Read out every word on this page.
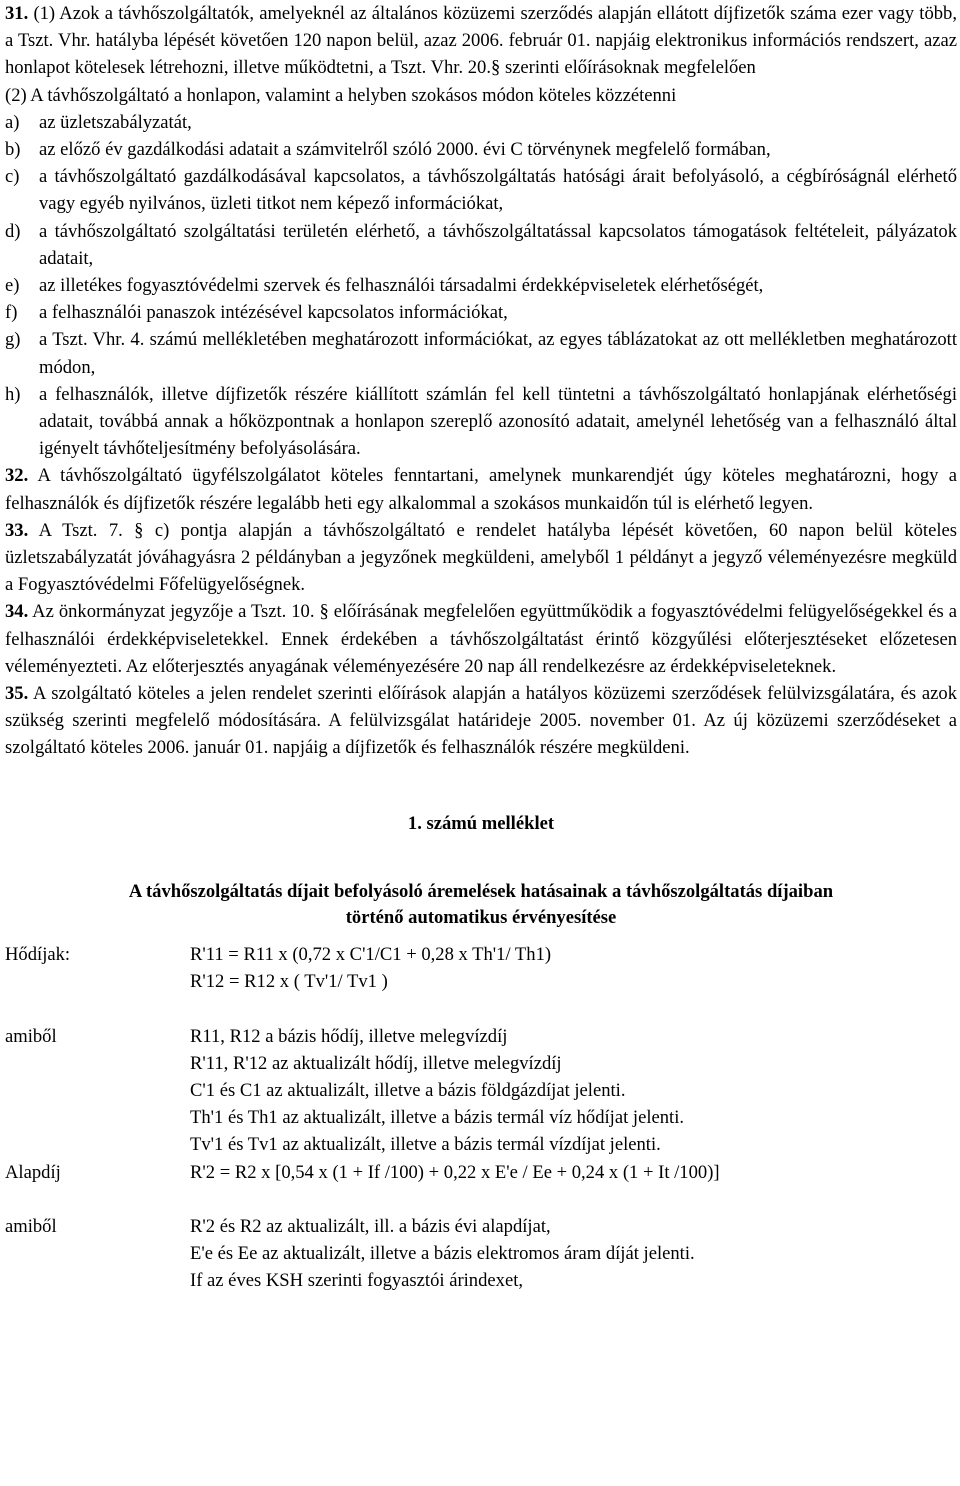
31. (1) Azok a távhőszolgáltatók, amelyeknél az általános közüzemi szerződés alapján ellátott díjfizetők száma ezer vagy több, a Tszt. Vhr. hatályba lépését követően 120 napon belül, azaz 2006. február 01. napjáig elektronikus információs rendszert, azaz honlapot kötelesek létrehozni, illetve működtetni, a Tszt. Vhr. 20.§ szerinti előírásoknak megfelelően

(2) A távhőszolgáltató a honlapon, valamint a helyben szokásos módon köteles közzétenni

a)	az üzletszabályzatát,
b) az előző év gazdálkodási adatait a számvitelről szóló 2000. évi C törvénynek megfelelő formában,
c)	a távhőszolgáltató gazdálkodásával kapcsolatos, a távhőszolgáltatás hatósági árait befolyásoló, a cégbíróságnál elérhető vagy egyéb nyilvános, üzleti titkot nem képező információkat,
d) a távhőszolgáltató szolgáltatási területén elérhető, a távhőszolgáltatással kapcsolatos támogatások feltételeit, pályázatok adatait,
e)	az illetékes fogyasztóvédelmi szervek és felhasználói társadalmi érdekképviseletek elérhetőségét,
f)	a felhasználói panaszok intézésével kapcsolatos információkat,
g) a Tszt. Vhr. 4. számú mellékletében meghatározott információkat, az egyes táblázatokat az ott mellékletben meghatározott módon,
h) a felhasználók, illetve díjfizetők részére kiállított számlán fel kell tüntetni a távhőszolgáltató honlapjának elérhetőségi adatait, továbbá annak a hőközpontnak a honlapon szereplő azonosító adatait, amelynél lehetőség van a felhasználó által igényelt távhőteljesítmény befolyásolására.

32. A távhőszolgáltató ügyfélszolgálatot köteles fenntartani, amelynek munkarendjét úgy köteles meghatározni, hogy a felhasználók és díjfizetők részére legalább heti egy alkalommal a szokásos munkaidőn túl is elérhető legyen.

33. A Tszt. 7. § c) pontja alapján a távhőszolgáltató e rendelet hatályba lépését követően, 60 napon belül köteles üzletszabályzatát jóváhagyásra 2 példányban a jegyzőnek megküldeni, amelyből 1 példányt a jegyző véleményezésre megküld a Fogyasztóvédelmi Főfelügyelőségnek.

34. Az önkormányzat jegyzője a Tszt. 10. § előírásának megfelelően együttműködik a fogyasztóvédelmi felügyelőségekkel és a felhasználói érdekképviseletekkel. Ennek érdekében a távhőszolgáltatást érintő közgyűlési előterjesztéseket előzetesen véleményezteti. Az előterjesztés anyagának véleményezésére 20 nap áll rendelkezésre az érdekképviseleteknek.

35. A szolgáltató köteles a jelen rendelet szerinti előírások alapján a hatályos közüzemi szerződések felülvizsgálatára, és azok szükség szerinti megfelelő módosítására. A felülvizsgálat határideje 2005. november 01. Az új közüzemi szerződéseket a szolgáltató köteles 2006. január 01. napjáig a díjfizetők és felhasználók részére megküldeni.

1. számú melléklet

A távhőszolgáltatás díjait befolyásoló áremelések hatásainak a távhőszolgáltatás díjaiban
történő automatikus érvényesítése

Hődíjak:	R'11 = R11 x (0,72 x C'1/C1 + 0,28 x Th'1/ Th1)
R'12 = R12 x ( Tv'1/ Tv1 )

amiből	R11, R12 a bázis hődíj, illetve melegvízdíj
R'11, R'12 az aktualizált hődíj, illetve melegvízdíj
C'1 és C1 az aktualizált, illetve a bázis földgázdíjat jelenti.
Th'1 és Th1 az aktualizált, illetve a bázis termál víz hődíjat jelenti.
Tv'1 és Tv1 az aktualizált, illetve a bázis termál vízdíjat jelenti.
Alapdíj	R'2 = R2 x [0,54 x (1 + If /100) + 0,22 x E'e / Ee + 0,24 x (1 + It /100)]

amiből	R'2 és R2 az aktualizált, ill. a bázis évi alapdíjat,
E'e és Ee az aktualizált, illetve a bázis elektromos áram díját jelenti.
If az éves KSH szerinti fogyasztói árindexet,
